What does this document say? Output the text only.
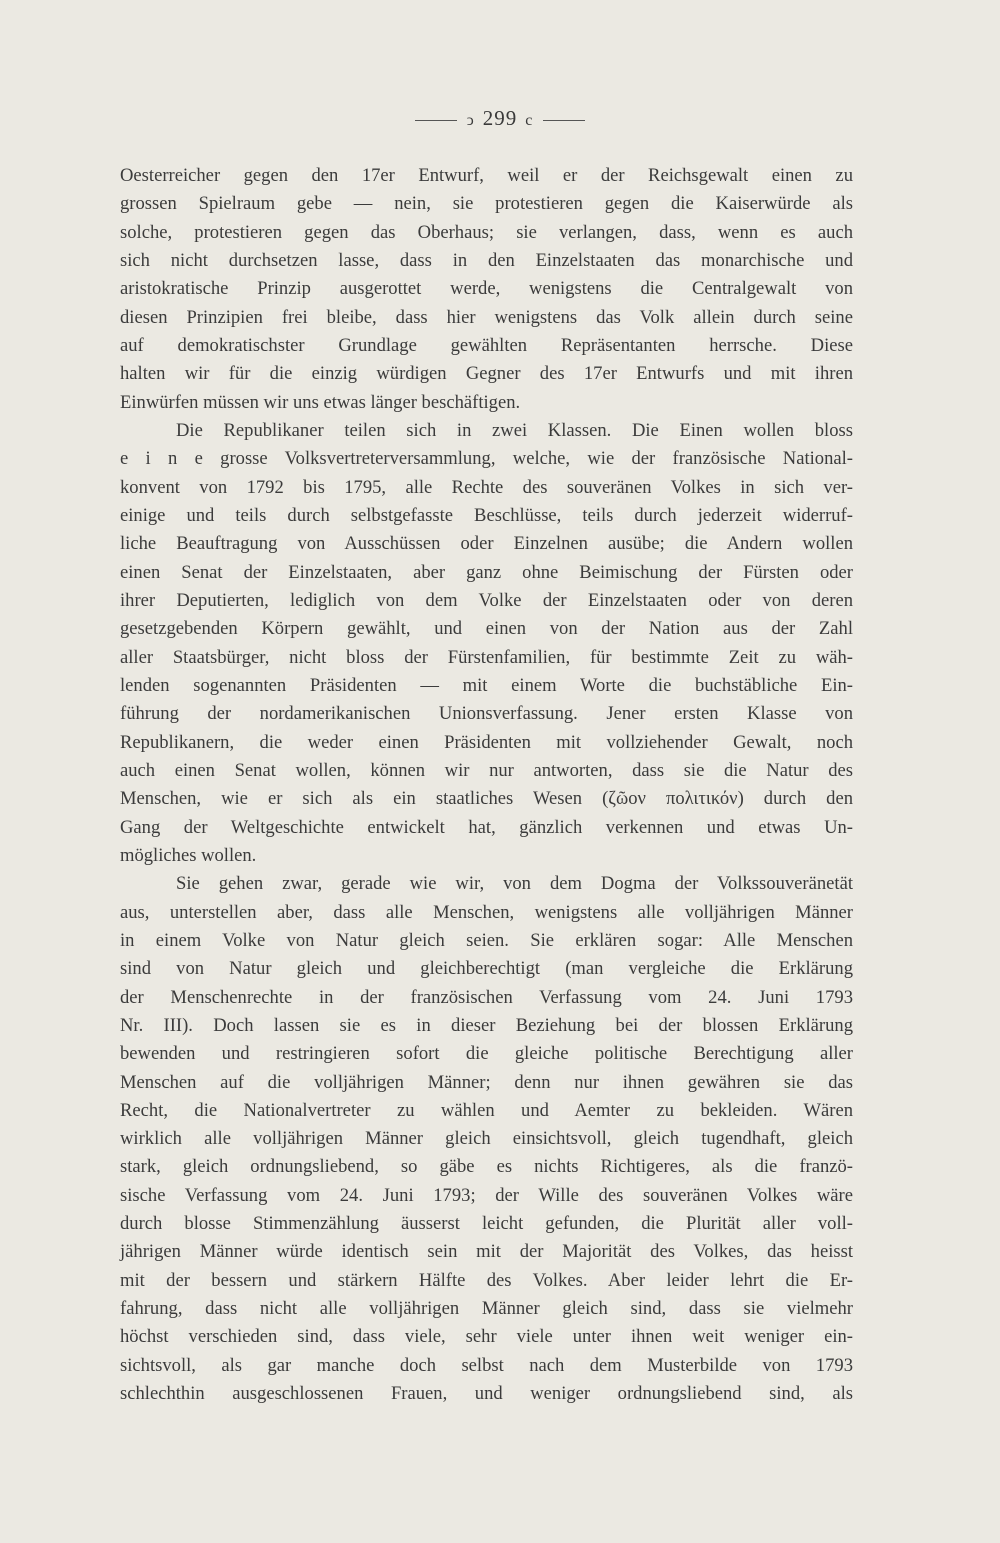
ↄ 299 c
Oesterreicher gegen den 17er Entwurf, weil er der Reichsgewalt einen zu
grossen Spielraum gebe — nein, sie protestieren gegen die Kaiserwürde als
solche, protestieren gegen das Oberhaus; sie verlangen, dass, wenn es auch
sich nicht durchsetzen lasse, dass in den Einzelstaaten das monarchische und
aristokratische Prinzip ausgerottet werde, wenigstens die Centralgewalt von
diesen Prinzipien frei bleibe, dass hier wenigstens das Volk allein durch seine
auf demokratischster Grundlage gewählten Repräsentanten herrsche. Diese
halten wir für die einzig würdigen Gegner des 17er Entwurfs und mit ihren
Einwürfen müssen wir uns etwas länger beschäftigen.
Die Republikaner teilen sich in zwei Klassen. Die Einen wollen bloss
e i n e grosse Volksvertreterversammlung, welche, wie der französische National-
konvent von 1792 bis 1795, alle Rechte des souveränen Volkes in sich ver-
einige und teils durch selbstgefasste Beschlüsse, teils durch jederzeit widerruf-
liche Beauftragung von Ausschüssen oder Einzelnen ausübe; die Andern wollen
einen Senat der Einzelstaaten, aber ganz ohne Beimischung der Fürsten oder
ihrer Deputierten, lediglich von dem Volke der Einzelstaaten oder von deren
gesetzgebenden Körpern gewählt, und einen von der Nation aus der Zahl
aller Staatsbürger, nicht bloss der Fürstenfamilien, für bestimmte Zeit zu wäh-
lenden sogenannten Präsidenten — mit einem Worte die buchstäbliche Ein-
führung der nordamerikanischen Unionsverfassung. Jener ersten Klasse von
Republikanern, die weder einen Präsidenten mit vollziehender Gewalt, noch
auch einen Senat wollen, können wir nur antworten, dass sie die Natur des
Menschen, wie er sich als ein staatliches Wesen (ζῶον πολιτικόν) durch den
Gang der Weltgeschichte entwickelt hat, gänzlich verkennen und etwas Un-
mögliches wollen.
Sie gehen zwar, gerade wie wir, von dem Dogma der Volkssouveränetät
aus, unterstellen aber, dass alle Menschen, wenigstens alle volljährigen Männer
in einem Volke von Natur gleich seien. Sie erklären sogar: Alle Menschen
sind von Natur gleich und gleichberechtigt (man vergleiche die Erklärung
der Menschenrechte in der französischen Verfassung vom 24. Juni 1793
Nr. III). Doch lassen sie es in dieser Beziehung bei der blossen Erklärung
bewenden und restringieren sofort die gleiche politische Berechtigung aller
Menschen auf die volljährigen Männer; denn nur ihnen gewähren sie das
Recht, die Nationalvertreter zu wählen und Aemter zu bekleiden. Wären
wirklich alle volljährigen Männer gleich einsichtsvoll, gleich tugendhaft, gleich
stark, gleich ordnungsliebend, so gäbe es nichts Richtigeres, als die franzö-
sische Verfassung vom 24. Juni 1793; der Wille des souveränen Volkes wäre
durch blosse Stimmenzählung äusserst leicht gefunden, die Plurität aller voll-
jährigen Männer würde identisch sein mit der Majorität des Volkes, das heisst
mit der bessern und stärkern Hälfte des Volkes. Aber leider lehrt die Er-
fahrung, dass nicht alle volljährigen Männer gleich sind, dass sie vielmehr
höchst verschieden sind, dass viele, sehr viele unter ihnen weit weniger ein-
sichtsvoll, als gar manche doch selbst nach dem Musterbilde von 1793
schlechthin ausgeschlossenen Frauen, und weniger ordnungsliebend sind, als
